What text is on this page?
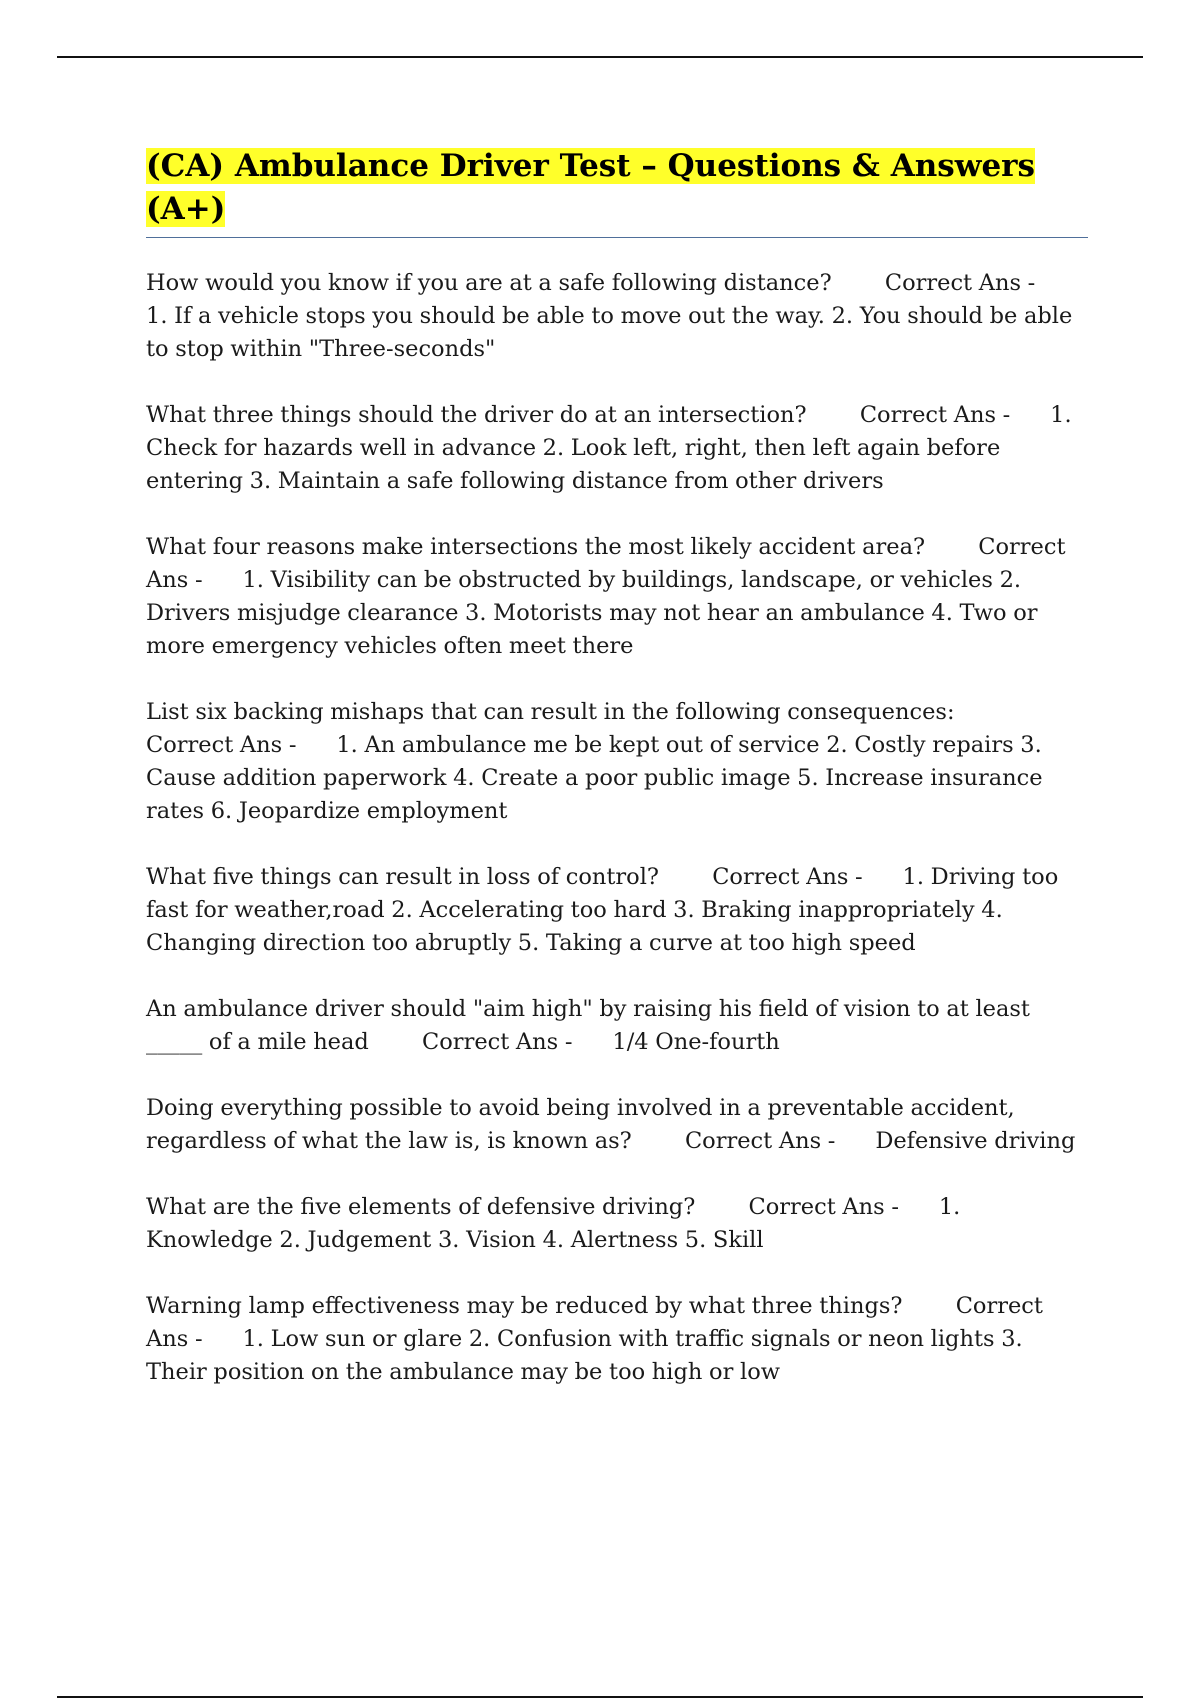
(CA) Ambulance Driver Test – Questions & Answers (A+)

How would you know if you are at a safe following distance? Correct Ans -      1. If a vehicle stops you should be able to move out the way. 2. You should be able to stop within "Three-seconds"

What three things should the driver do at an intersection? Correct Ans -      1. Check for hazards well in advance 2. Look left, right, then left again before entering 3. Maintain a safe following distance from other drivers

What four reasons make intersections the most likely accident area? Correct Ans -      1. Visibility can be obstructed by buildings, landscape, or vehicles 2. Drivers misjudge clearance 3. Motorists may not hear an ambulance 4. Two or more emergency vehicles often meet there

List six backing mishaps that can result in the following consequences:        Correct Ans -      1. An ambulance me be kept out of service 2. Costly repairs 3. Cause addition paperwork 4. Create a poor public image 5. Increase insurance rates 6. Jeopardize employment

What five things can result in loss of control? Correct Ans -      1. Driving too fast for weather,road 2. Accelerating too hard 3. Braking inappropriately 4. Changing direction too abruptly 5. Taking a curve at too high speed

An ambulance driver should "aim high" by raising his field of vision to at least _____ of a mile head Correct Ans -      1/4 One-fourth

Doing everything possible to avoid being involved in a preventable accident, regardless of what the law is, is known as? Correct Ans -      Defensive driving

What are the five elements of defensive driving? Correct Ans -      1. Knowledge 2. Judgement 3. Vision 4. Alertness 5. Skill

Warning lamp effectiveness may be reduced by what three things? Correct Ans -      1. Low sun or glare 2. Confusion with traffic signals or neon lights 3. Their position on the ambulance may be too high or low
